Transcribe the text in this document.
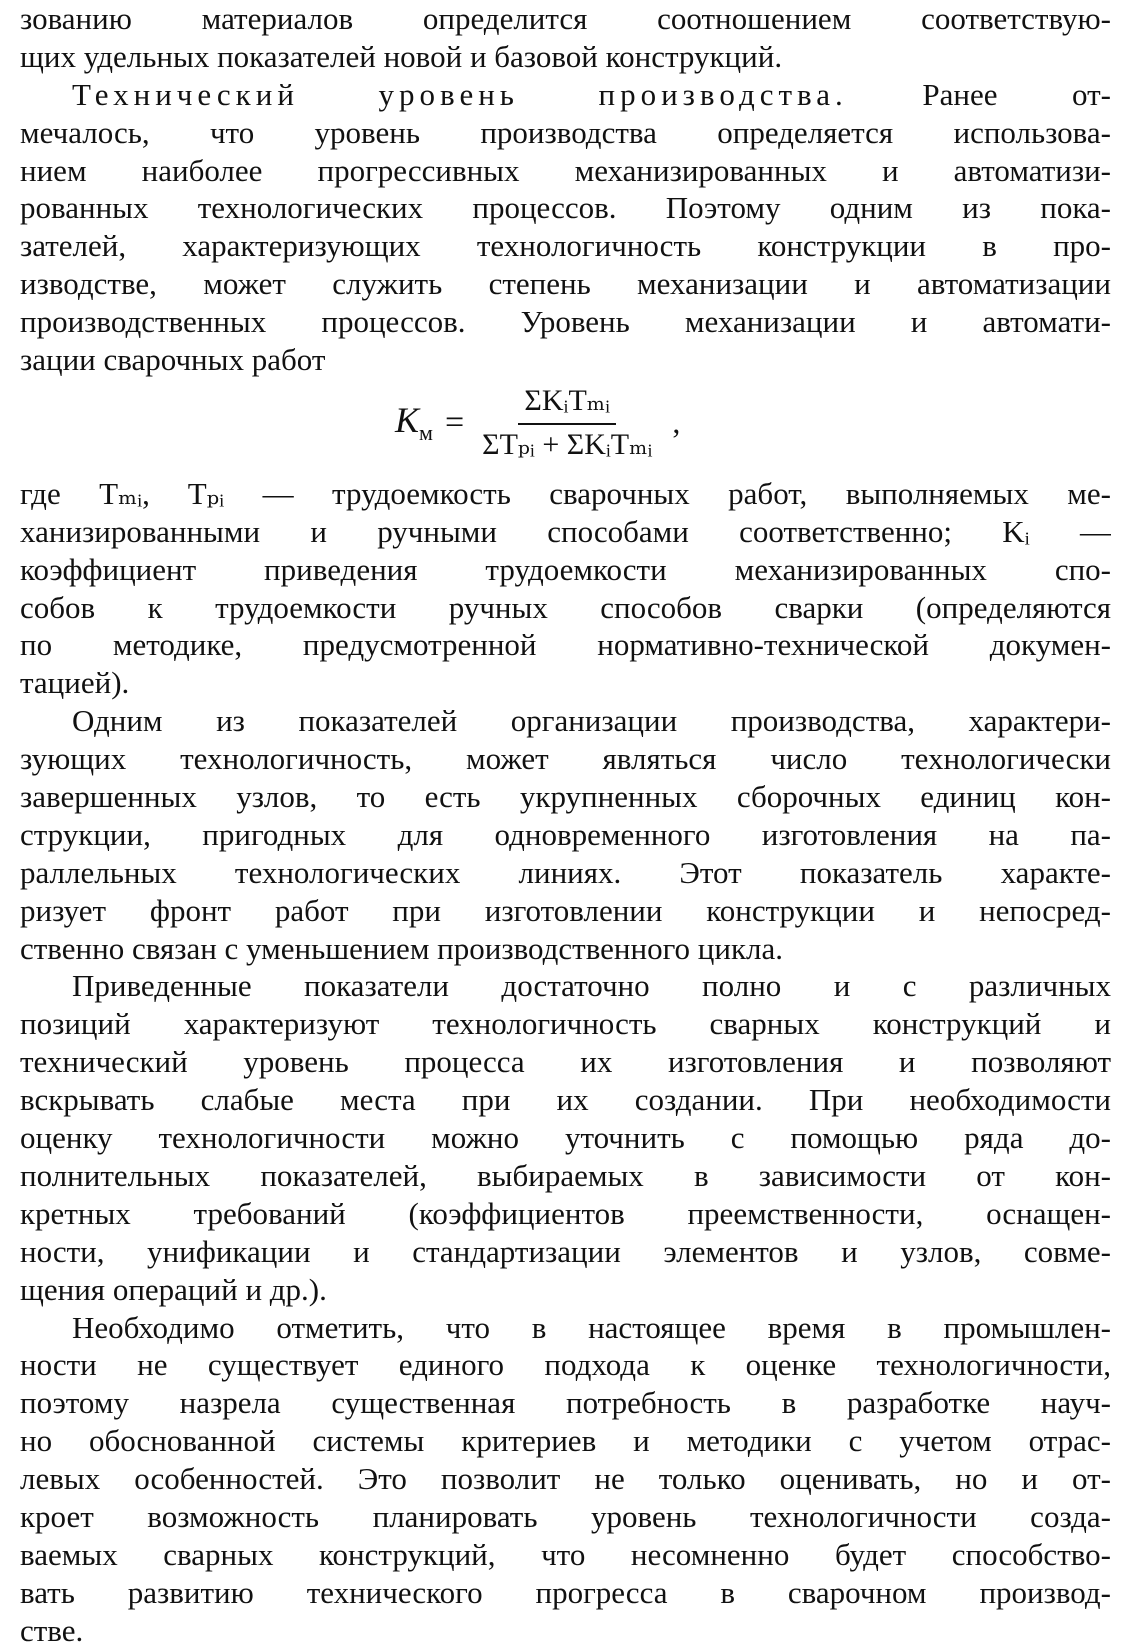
зованию материалов определится соотношением соответствую-
щих удельных показателей новой и базовой конструкций.
Технический уровень производства. Ранее от-
мечалось, что уровень производства определяется использова-
нием наиболее прогрессивных механизированных и автоматизи-
рованных технологических процессов. Поэтому одним из пока-
зателей, характеризующих технологичность конструкции в про-
изводстве, может служить степень механизации и автоматизации
производственных процессов. Уровень механизации и автомати-
зации сварочных работ
$K_м = \frac{\text{ΣKᵢTₘᵢ}}{\text{ΣTₚᵢ + ΣKᵢTₘᵢ}}$ ,
где Tₘᵢ, Tₚᵢ — трудоемкость сварочных работ, выполняемых ме-
ханизированными и ручными способами соответственно; Kᵢ —
коэффициент приведения трудоемкости механизированных спо-
собов к трудоемкости ручных способов сварки (определяются
по методике, предусмотренной нормативно-технической докумен-
тацией).
Одним из показателей организации производства, характери-
зующих технологичность, может являться число технологически
завершенных узлов, то есть укрупненных сборочных единиц кон-
струкции, пригодных для одновременного изготовления на па-
раллельных технологических линиях. Этот показатель характе-
ризует фронт работ при изготовлении конструкции и непосред-
ственно связан с уменьшением производственного цикла.
Приведенные показатели достаточно полно и с различных
позиций характеризуют технологичность сварных конструкций и
технический уровень процесса их изготовления и позволяют
вскрывать слабые места при их создании. При необходимости
оценку технологичности можно уточнить с помощью ряда до-
полнительных показателей, выбираемых в зависимости от кон-
кретных требований (коэффициентов преемственности, оснащен-
ности, унификации и стандартизации элементов и узлов, совме-
щения операций и др.).
Необходимо отметить, что в настоящее время в промышлен-
ности не существует единого подхода к оценке технологичности,
поэтому назрела существенная потребность в разработке науч-
но обоснованной системы критериев и методики с учетом отрас-
левых особенностей. Это позволит не только оценивать, но и от-
кроет возможность планировать уровень технологичности созда-
ваемых сварных конструкций, что несомненно будет способство-
вать развитию технического прогресса в сварочном производ-
стве.
